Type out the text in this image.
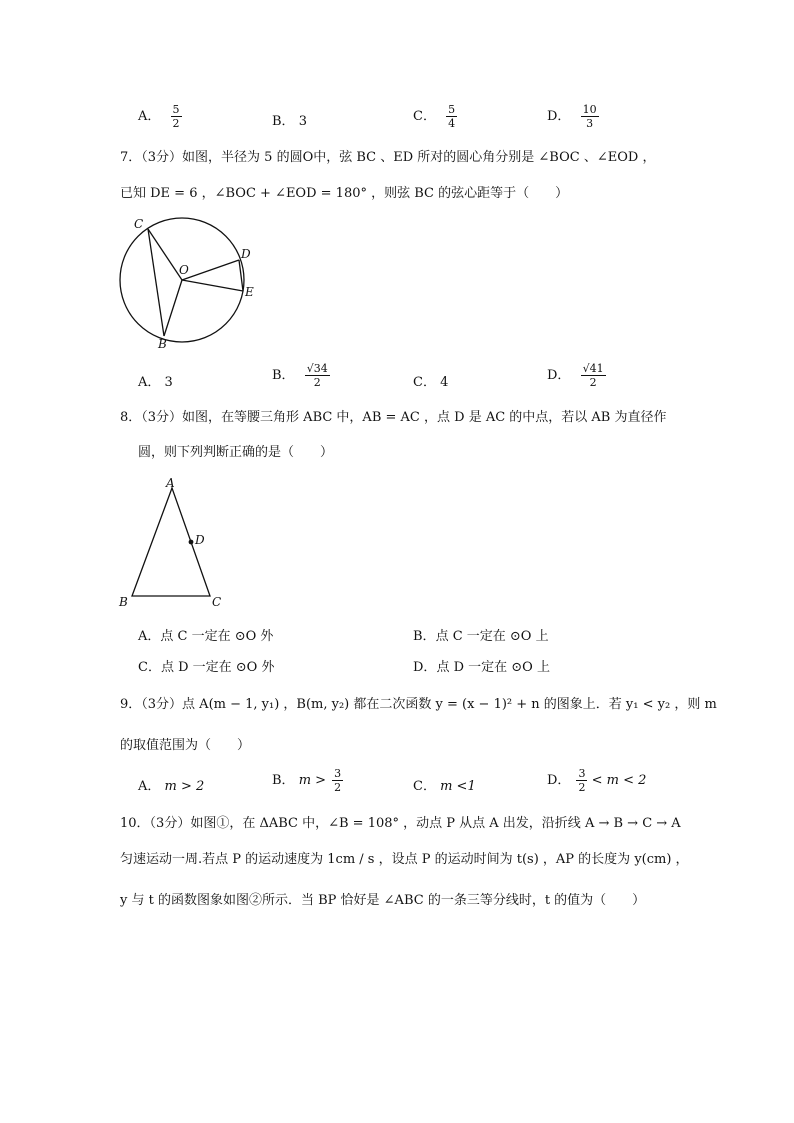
A． $\frac{5}{2}$	B． 3	C． $\frac{5}{4}$	D． $\frac{10}{3}$
7．（3分）如图，半径为 5 的圆O中，弦 BC 、ED 所对的圆心角分别是 ∠BOC 、∠EOD ，
已知 DE = 6 ，∠BOC + ∠EOD = 180° ，则弦 BC 的弦心距等于（　　）
C
O
D
E
B
A． 3	B． $\frac{√34}{2}$	C． 4	D． $\frac{√41}{2}$
8．（3分）如图，在等腰三角形 ABC 中，AB = AC ，点 D 是 AC 的中点，若以 AB 为直径作
圆，则下列判断正确的是（　　）
A
D
B	C
A．点 C 一定在 ⊙O 外	B．点 C 一定在 ⊙O 上
C．点 D 一定在 ⊙O 外	D．点 D 一定在 ⊙O 上
9．（3分）点 A(m − 1, y₁) ，B(m, y₂) 都在二次函数 y = (x − 1)² + n 的图象上．若 y₁ < y₂ ，则 m
的取值范围为（　　）
A． m > 2	B． $m > \frac{3}{2}$	C． m <1	D． $\frac{3}{2} < m < 2$
10．（3分）如图①，在 ΔABC 中，∠B = 108° ，动点 P 从点 A 出发，沿折线 A → B → C → A
匀速运动一周.若点 P 的运动速度为 1cm / s ，设点 P 的运动时间为 t(s) ，AP 的长度为 y(cm) ，
y 与 t 的函数图象如图②所示．当 BP 恰好是 ∠ABC 的一条三等分线时，t 的值为（　　）
